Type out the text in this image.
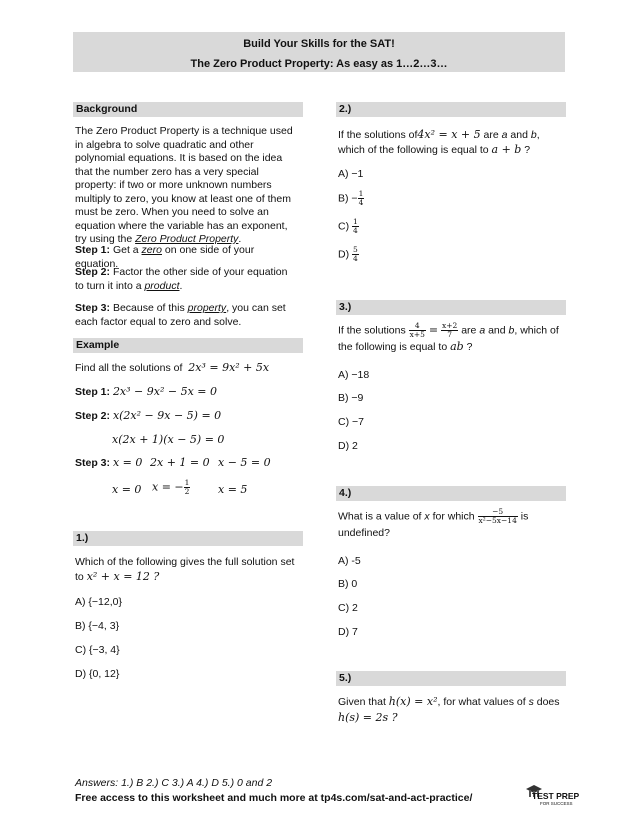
Build Your Skills for the SAT!
The Zero Product Property: As easy as 1…2…3…
Background
The Zero Product Property is a technique used in algebra to solve quadratic and other polynomial equations. It is based on the idea that the number zero has a very special property: if two or more unknown numbers multiply to zero, you know at least one of them must be zero. When you need to solve an equation where the variable has an exponent, try using the Zero Product Property.
Step 1: Get a zero on one side of your equation.
Step 2: Factor the other side of your equation to turn it into a product.
Step 3: Because of this property, you can set each factor equal to zero and solve.
Example
Find all the solutions of 2x³ = 9x² + 5x
Step 1: 2x³ − 9x² − 5x = 0
Step 2: x(2x² − 9x − 5) = 0
x(2x + 1)(x − 5) = 0
Step 3: x = 0 2x + 1 = 0 x − 5 = 0
x = 0 x = − $\frac{1}{2}$	x = 5
1.)
Which of the following gives the full solution set to x² + x = 12 ?
A) {−12,0}
B) {−4, 3}
C) {−3, 4}
D) {0, 12}
2.)
If the solutions of4x² = x + 5 are a and b, which of the following is equal to a + b ?
A) −1
$B) - \frac{1}{4}$
$C) \frac{1}{4}$
$D) \frac{5}{4}$
3.)
If the solutions $\frac{4}{x+5} = \frac{x+2}{7}$ are a and b, which of the following is equal to ab ?
A) −18
B) −9
C) −7
D) 2
4.)
What is a value of x for which $\frac{-5}{\text{x²−5x−14}}$ is undefined?
A) -5
B) 0
C) 2
D) 7
5.)
Given that h(x) = x², for what values of s does h(s) = 2s ?
Answers: 1.) B 2.) C 3.) A 4.) D 5.) 0 and 2
Free access to this worksheet and much more at tp4s.com/sat-and-act-practice/	TEST PREP
FOR SUCCESS
